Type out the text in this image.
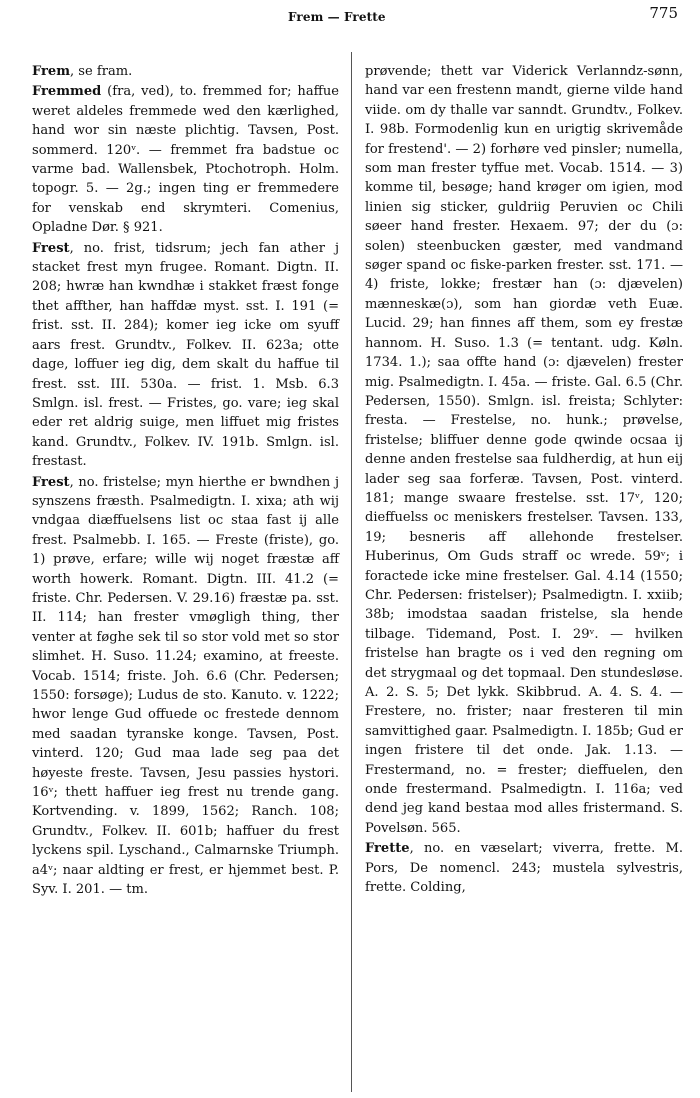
Frem — Frette	775

Frem, se fram.

Fremmed (fra, ved), to. fremmed for; haffue weret aldeles fremmede wed den kærlighed, hand wor sin næste plichtig. Tavsen, Post. sommerd. 120ᵛ. — fremmet fra badstue oc varme bad. Wallensbek, Ptochotroph. Holm. topogr. 5. — 2g.; ingen ting er fremmedere for venskab end skrymteri. Comenius, Opladne Dør. § 921.

Frest, no. frist, tidsrum; jech fan ather j stacket frest myn frugee. Romant. Digtn. II. 208; hwræ han kwndhæ i stakket fræst fonge thet affther, han haffdæ myst. sst. I. 191 (= frist. sst. II. 284); komer ieg icke om syuff aars frest. Grundtv., Folkev. II. 623a; otte dage, loffuer ieg dig, dem skalt du haffue til frest. sst. III. 530a. — frist. 1. Msb. 6.3 Smlgn. isl. frest. — Fristes, go. vare; ieg skal eder ret aldrig suige, men liffuet mig fristes kand. Grundtv., Folkev. IV. 191b. Smlgn. isl. frestast.

Frest, no. fristelse; myn hierthe er bwndhen j synszens fræsth. Psalmedigtn. I. xixa; ath wij vndgaa diæffuelsens list oc staa fast ij alle frest. Psalmebb. I. 165. — Freste (friste), go. 1) prøve, erfare; wille wij noget fræstæ aff worth howerk. Romant. Digtn. III. 41.2 (= friste. Chr. Pedersen. V. 29.16) fræstæ pa. sst. II. 114; han frester vmøgligh thing, ther venter at føghe sek til so stor vold met so stor slimhet. H. Suso. 11.24; examino, at freeste. Vocab. 1514; friste. Joh. 6.6 (Chr. Pedersen; 1550: forsøge); Ludus de sto. Kanuto. v. 1222; hwor lenge Gud offuede oc frestede dennom med saadan tyranske konge. Tavsen, Post. vinterd. 120; Gud maa lade seg paa det høyeste freste. Tavsen, Jesu passies hystori. 16ᵛ; thett haffuer ieg frest nu trende gang. Kortvending. v. 1899, 1562; Ranch. 108; Grundtv., Folkev. II. 601b; haffuer du frest lyckens spil. Lyschand., Calmarnske Triumph. a4ᵛ; naar aldting er frest, er hjemmet best. P. Syv. I. 201. — tm.

prøvende; thett var Viderick Verlanndz-sønn, hand var een frestenn mandt, gierne vilde hand viide. om dy thalle var sanndt. Grundtv., Folkev. I. 98b. Formodenlig kun en urigtig skrivemåde for frestend'. — 2) forhøre ved pinsler; numella, som man frester tyffue met. Vocab. 1514. — 3) komme til, besøge; hand krøger om igien, mod linien sig sticker, guldriig Peruvien oc Chili søeer hand frester. Hexaem. 97; der du (ɔ: solen) steenbucken gæster, med vandmand søger spand oc fiske-parken frester. sst. 171. — 4) friste, lokke; frestær han (ɔ: djævelen) mænneskæ(ɔ), som han giordæ veth Euæ. Lucid. 29; han finnes aff them, som ey frestæ hannom. H. Suso. 1.3 (= tentant. udg. Køln. 1734. 1.); saa offte hand (ɔ: djævelen) frester mig. Psalmedigtn. I. 45a. — friste. Gal. 6.5 (Chr. Pedersen, 1550). Smlgn. isl. freista; Schlyter: fresta. — Frestelse, no. hunk.; prøvelse, fristelse; bliffuer denne gode qwinde ocsaa ij denne anden frestelse saa fuldherdig, at hun eij lader seg saa forferæ. Tavsen, Post. vinterd. 181; mange swaare frestelse. sst. 17ᵛ, 120; dieffuelss oc meniskers frestelser. Tavsen. 133, 19; besneris aff allehonde frestelser. Huberinus, Om Guds straff oc wrede. 59ᵛ; i foractede icke mine frestelser. Gal. 4.14 (1550; Chr. Pedersen: fristelser); Psalmedigtn. I. xxiib; 38b; imodstaa saadan fristelse, sla hende tilbage. Tidemand, Post. I. 29ᵛ. — hvilken fristelse han bragte os i ved den regning om det strygmaal og det topmaal. Den stundesløse. A. 2. S. 5; Det lykk. Skibbrud. A. 4. S. 4. — Frestere, no. frister; naar fresteren til min samvittighed gaar. Psalmedigtn. I. 185b; Gud er ingen fristere til det onde. Jak. 1.13. — Frestermand, no. = frester; dieffuelen, den onde frestermand. Psalmedigtn. I. 116a; ved dend jeg kand bestaa mod alles fristermand. S. Povelsøn. 565.

Frette, no. en væselart; viverra, frette. M. Pors, De nomencl. 243; mustela sylvestris, frette. Colding,
